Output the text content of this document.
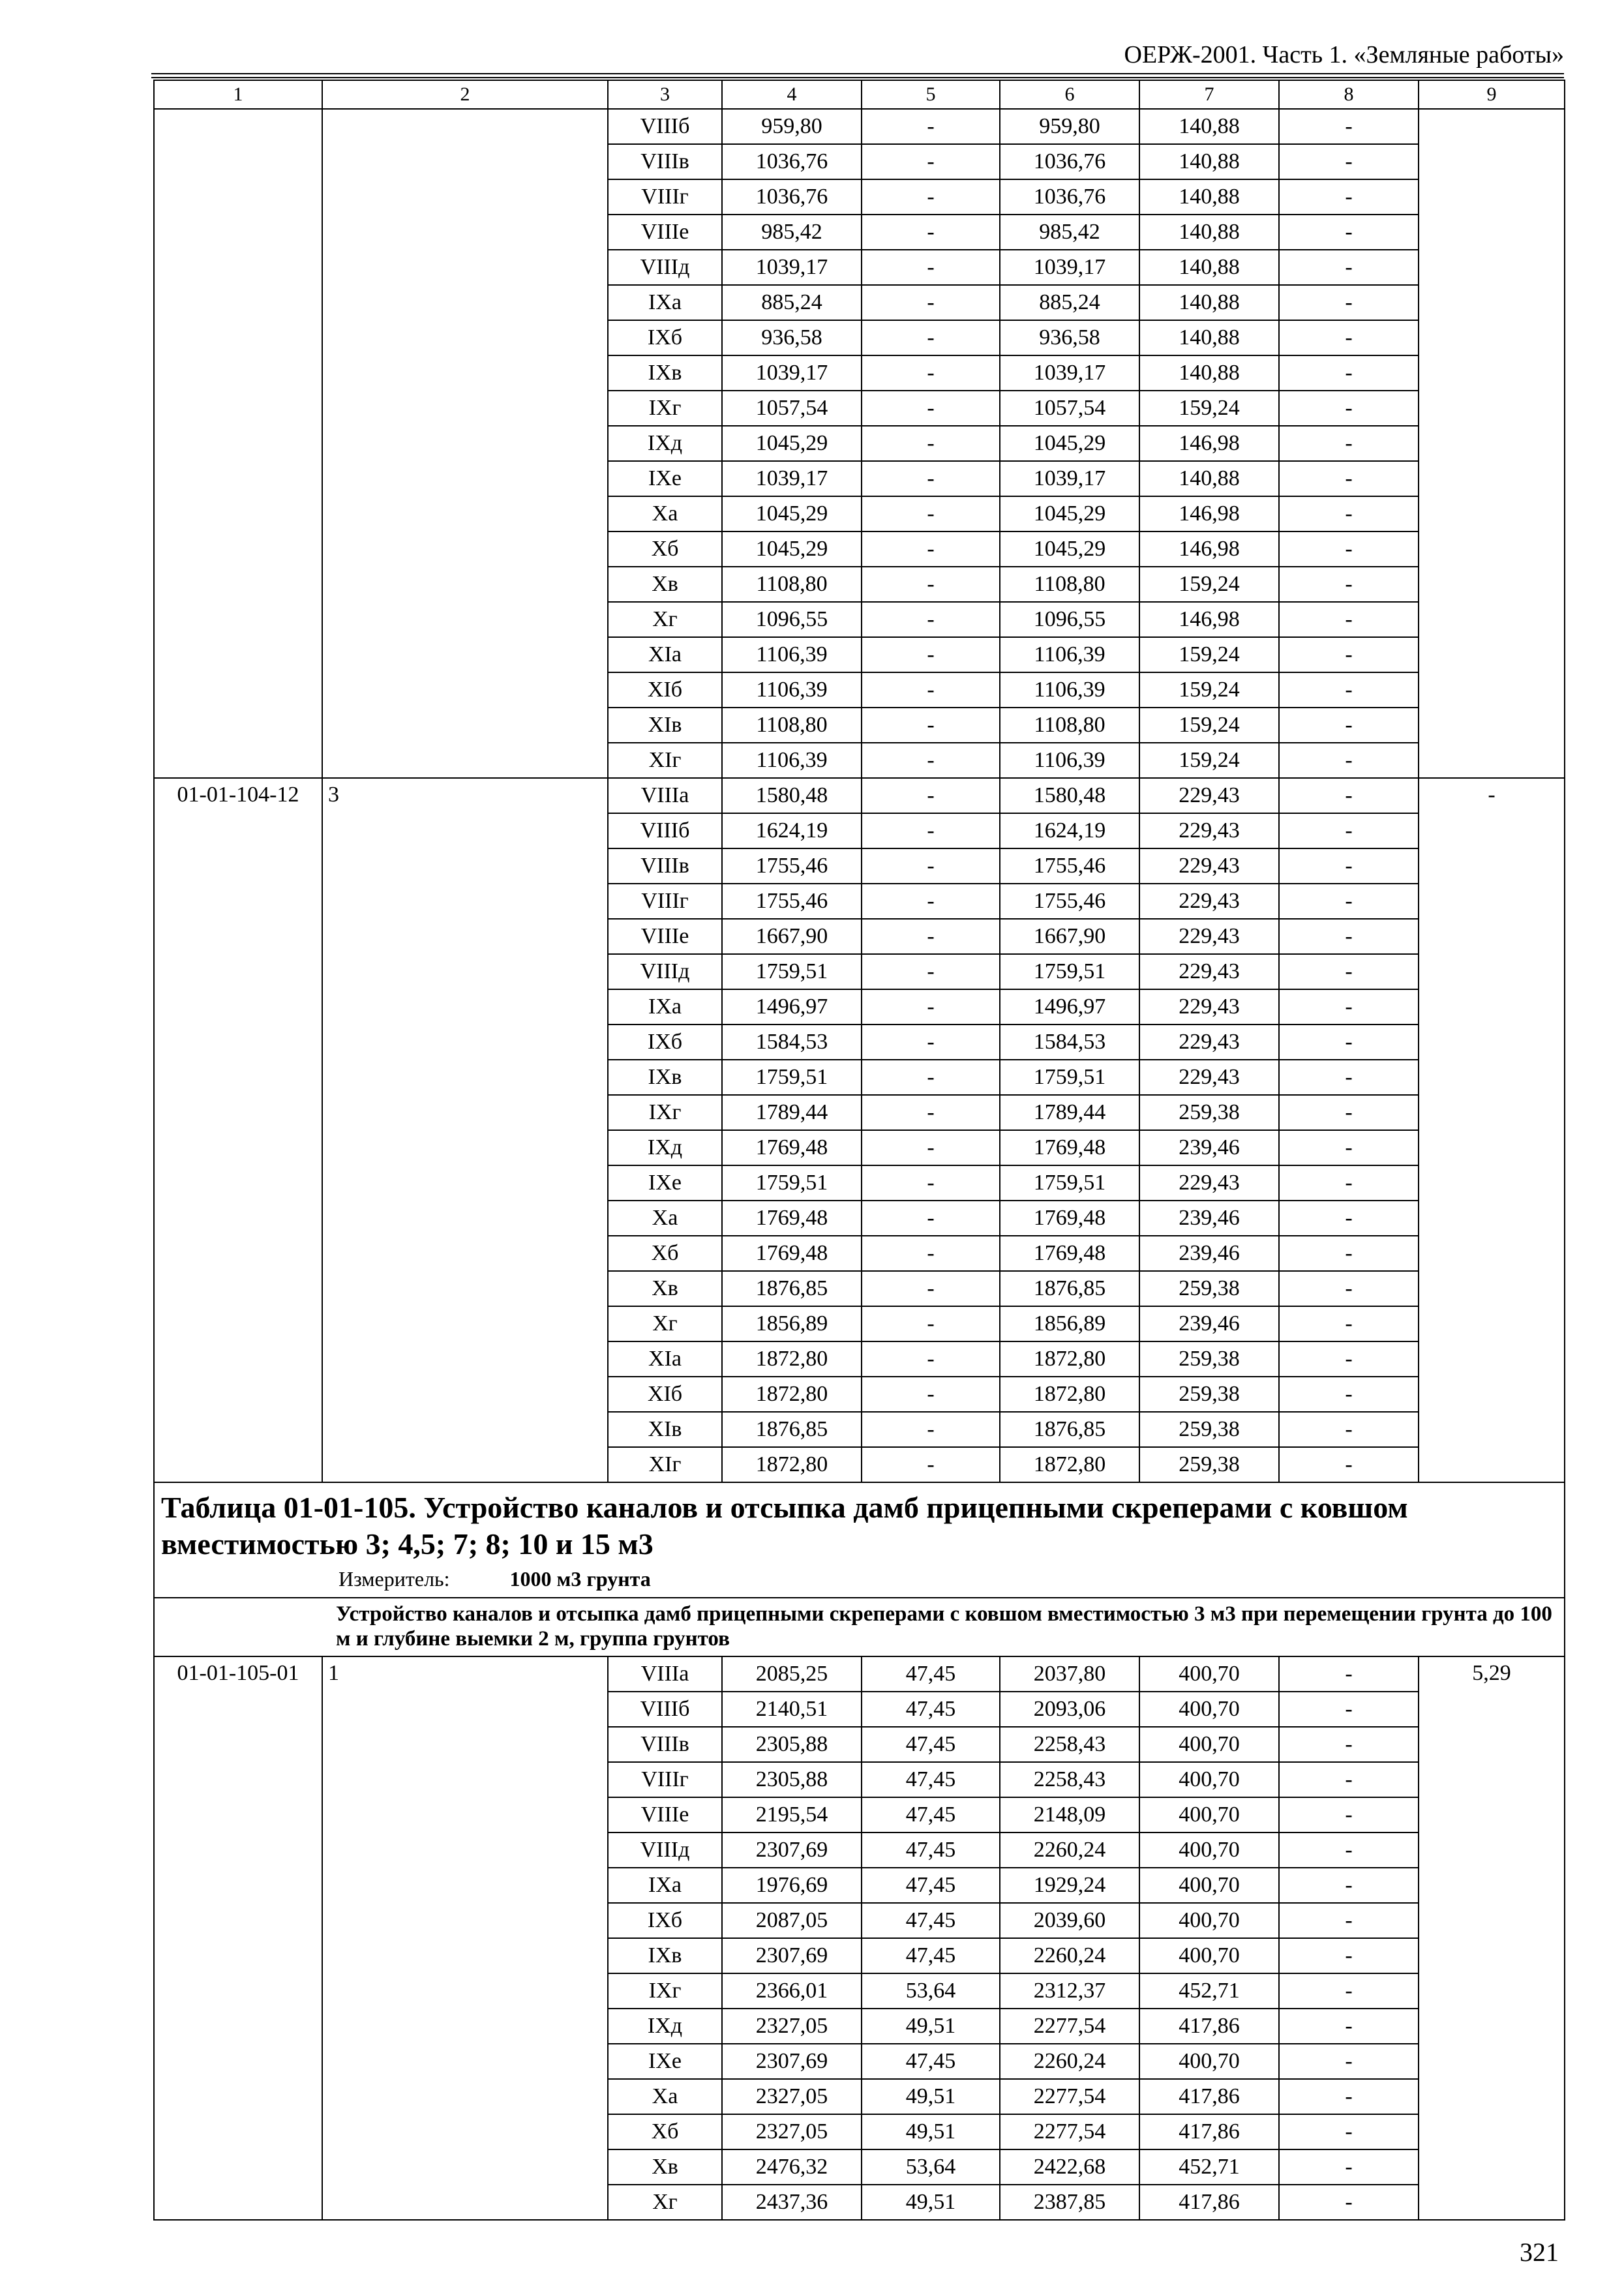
ОЕРЖ-2001. Часть 1. «Земляные работы»
1	2	3	4	5	6	7	8	9
		VIIIб	959,80	-	959,80	140,88	-	
		VIIIв	1036,76	-	1036,76	140,88	-	
		VIIIг	1036,76	-	1036,76	140,88	-	
		VIIIе	985,42	-	985,42	140,88	-	
		VIIIд	1039,17	-	1039,17	140,88	-	
		IXа	885,24	-	885,24	140,88	-	
		IXб	936,58	-	936,58	140,88	-	
		IXв	1039,17	-	1039,17	140,88	-	
		IXг	1057,54	-	1057,54	159,24	-	
		IXд	1045,29	-	1045,29	146,98	-	
		IXе	1039,17	-	1039,17	140,88	-	
		Xа	1045,29	-	1045,29	146,98	-	
		Xб	1045,29	-	1045,29	146,98	-	
		Xв	1108,80	-	1108,80	159,24	-	
		Xг	1096,55	-	1096,55	146,98	-	
		XIа	1106,39	-	1106,39	159,24	-	
		XIб	1106,39	-	1106,39	159,24	-	
		XIв	1108,80	-	1108,80	159,24	-	
		XIг	1106,39	-	1106,39	159,24	-	
01-01-104-12	3	VIIIа	1580,48	-	1580,48	229,43	-	-
		VIIIб	1624,19	-	1624,19	229,43	-	
		VIIIв	1755,46	-	1755,46	229,43	-	
		VIIIг	1755,46	-	1755,46	229,43	-	
		VIIIе	1667,90	-	1667,90	229,43	-	
		VIIIд	1759,51	-	1759,51	229,43	-	
		IXа	1496,97	-	1496,97	229,43	-	
		IXб	1584,53	-	1584,53	229,43	-	
		IXв	1759,51	-	1759,51	229,43	-	
		IXг	1789,44	-	1789,44	259,38	-	
		IXд	1769,48	-	1769,48	239,46	-	
		IXе	1759,51	-	1759,51	229,43	-	
		Xа	1769,48	-	1769,48	239,46	-	
		Xб	1769,48	-	1769,48	239,46	-	
		Xв	1876,85	-	1876,85	259,38	-	
		Xг	1856,89	-	1856,89	239,46	-	
		XIа	1872,80	-	1872,80	259,38	-	
		XIб	1872,80	-	1872,80	259,38	-	
		XIв	1876,85	-	1876,85	259,38	-	
		XIг	1872,80	-	1872,80	259,38	-	

Таблица 01-01-105. Устройство каналов и отсыпка дамб прицепными скреперами с ковшом вместимостью 3; 4,5; 7; 8; 10 и 15 м3
Измеритель: 1000 м3 грунта								

Устройство каналов и отсыпка дамб прицепными скреперами с ковшом вместимостью 3 м3 при перемещении грунта до 100 м и глубине выемки 2 м, группа грунтов								
01-01-105-01	1	VIIIа	2085,25	47,45	2037,80	400,70	-	5,29
		VIIIб	2140,51	47,45	2093,06	400,70	-	
		VIIIв	2305,88	47,45	2258,43	400,70	-	
		VIIIг	2305,88	47,45	2258,43	400,70	-	
		VIIIе	2195,54	47,45	2148,09	400,70	-	
		VIIIд	2307,69	47,45	2260,24	400,70	-	
		IXа	1976,69	47,45	1929,24	400,70	-	
		IXб	2087,05	47,45	2039,60	400,70	-	
		IXв	2307,69	47,45	2260,24	400,70	-	
		IXг	2366,01	53,64	2312,37	452,71	-	
		IXд	2327,05	49,51	2277,54	417,86	-	
		IXе	2307,69	47,45	2260,24	400,70	-	
		Xа	2327,05	49,51	2277,54	417,86	-	
		Xб	2327,05	49,51	2277,54	417,86	-	
		Xв	2476,32	53,64	2422,68	452,71	-	
		Xг	2437,36	49,51	2387,85	417,86	-	
321
